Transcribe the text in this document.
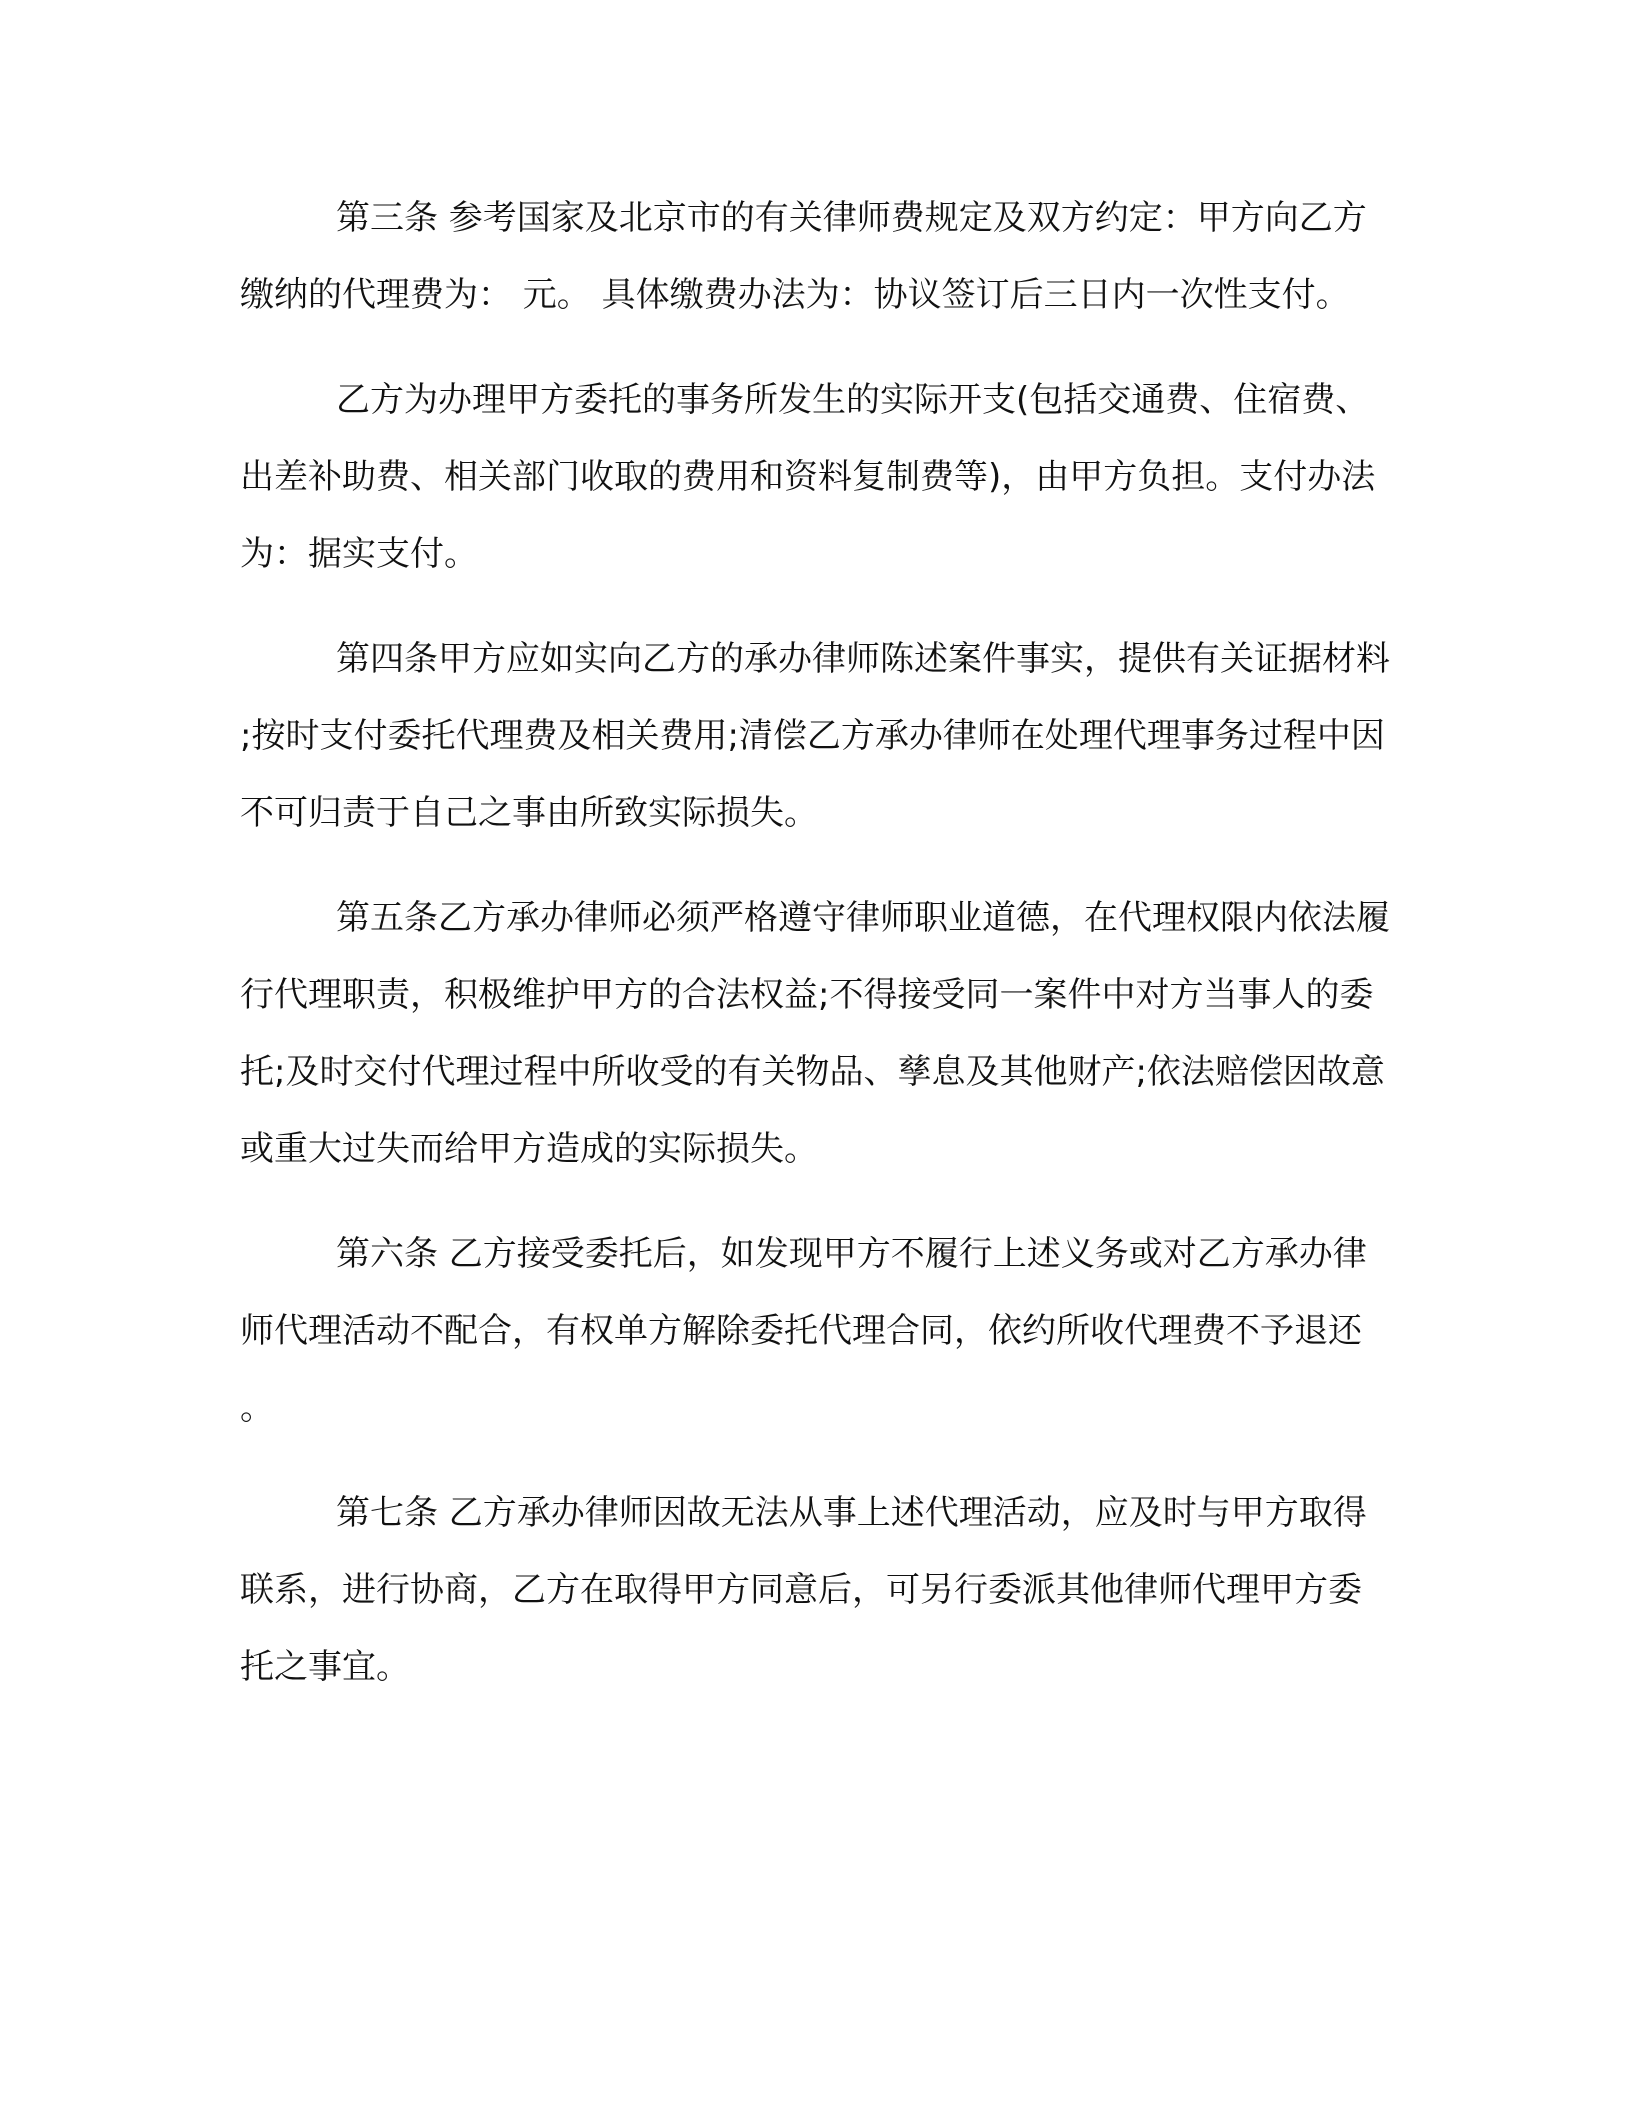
第三条 参考国家及北京市的有关律师费规定及双方约定：甲方向乙方缴纳的代理费为： 元。 具体缴费办法为：协议签订后三日内一次性支付。

乙方为办理甲方委托的事务所发生的实际开支(包括交通费、住宿费、出差补助费、相关部门收取的费用和资料复制费等)，由甲方负担。支付办法为：据实支付。

第四条甲方应如实向乙方的承办律师陈述案件事实，提供有关证据材料;按时支付委托代理费及相关费用;清偿乙方承办律师在处理代理事务过程中因不可归责于自己之事由所致实际损失。

第五条乙方承办律师必须严格遵守律师职业道德，在代理权限内依法履行代理职责，积极维护甲方的合法权益;不得接受同一案件中对方当事人的委托;及时交付代理过程中所收受的有关物品、孳息及其他财产;依法赔偿因故意或重大过失而给甲方造成的实际损失。

第六条 乙方接受委托后，如发现甲方不履行上述义务或对乙方承办律师代理活动不配合，有权单方解除委托代理合同，依约所收代理费不予退还。

第七条 乙方承办律师因故无法从事上述代理活动，应及时与甲方取得联系，进行协商，乙方在取得甲方同意后，可另行委派其他律师代理甲方委托之事宜。
